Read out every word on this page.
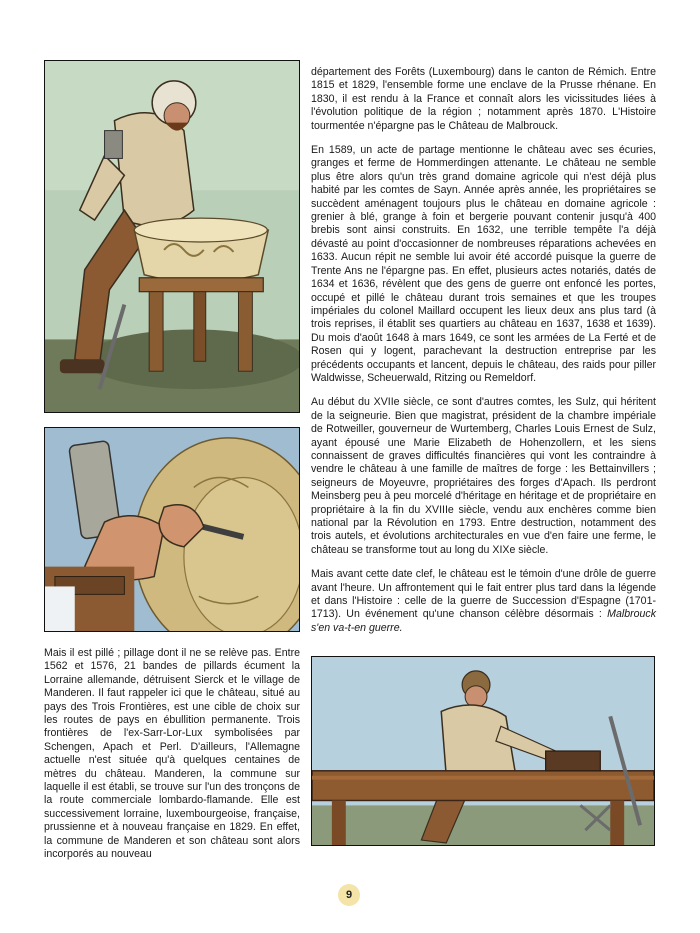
département des Forêts (Luxembourg) dans le canton de Rémich. Entre 1815 et 1829, l'ensemble forme une enclave de la Prusse rhénane. En 1830, il est rendu à la France et connaît alors les vicissitudes liées à l'évolution politique de la région ; notamment après 1870. L'Histoire tourmentée n'épargne pas le Château de Malbrouck.

En 1589, un acte de partage mentionne le château avec ses écuries, granges et ferme de Hommerdingen attenante. Le château ne semble plus être alors qu'un très grand domaine agricole qui n'est déjà plus habité par les comtes de Sayn. Année après année, les propriétaires se succèdent aménagent toujours plus le château en domaine agricole : grenier à blé, grange à foin et bergerie pouvant contenir jusqu'à 400 brebis sont ainsi construits. En 1632, une terrible tempête l'a déjà dévasté au point d'occasionner de nombreuses réparations achevées en 1633. Aucun répit ne semble lui avoir été accordé puisque la guerre de Trente Ans ne l'épargne pas. En effet, plusieurs actes notariés, datés de 1634 et 1636, révèlent que des gens de guerre ont enfoncé les portes, occupé et pillé le château durant trois semaines et que les troupes impériales du colonel Maillard occupent les lieux deux ans plus tard (à trois reprises, il établit ses quartiers au château en 1637, 1638 et 1639). Du mois d'août 1648 à mars 1649, ce sont les armées de La Ferté et de Rosen qui y logent, parachevant la destruction entreprise par les précédents occupants et lancent, depuis le château, des raids pour piller Waldwisse, Scheuerwald, Ritzing ou Remeldorf.

Au début du XVIIe siècle, ce sont d'autres comtes, les Sulz, qui héritent de la seigneurie. Bien que magistrat, président de la chambre impériale de Rotweiller, gouverneur de Wurtemberg, Charles Louis Ernest de Sulz, ayant épousé une Marie Elizabeth de Hohenzollern, et les siens connaissent de graves difficultés financières qui vont les contraindre à vendre le château à une famille de maîtres de forge : les Bettainvillers ; seigneurs de Moyeuvre, propriétaires des forges d'Apach. Ils perdront Meinsberg peu à peu morcelé d'héritage en héritage et de propriétaire en propriétaire à la fin du XVIIIe siècle, vendu aux enchères comme bien national par la Révolution en 1793. Entre destruction, notamment des trois autels, et évolutions architecturales en vue d'en faire une ferme, le château se transforme tout au long du XIXe siècle.

Mais avant cette date clef, le château est le témoin d'une drôle de guerre avant l'heure. Un affrontement qui le fait entrer plus tard dans la légende et dans l'Histoire : celle de la guerre de Succession d'Espagne (1701-1713). Un événement qu'une chanson célèbre désormais : Malbrouck s'en va-t-en guerre.

Mais il est pillé ; pillage dont il ne se relève pas. Entre 1562 et 1576, 21 bandes de pillards écument la Lorraine allemande, détruisent Sierck et le village de Manderen. Il faut rappeler ici que le château, situé au pays des Trois Frontières, est une cible de choix sur les routes de pays en ébullition permanente. Trois frontières de l'ex-Sarr-Lor-Lux symbolisées par Schengen, Apach et Perl. D'ailleurs, l'Allemagne actuelle n'est située qu'à quelques centaines de mètres du château. Manderen, la commune sur laquelle il est établi, se trouve sur l'un des tronçons de la route commerciale lombardo-flamande. Elle est successivement lorraine, luxembourgeoise, française, prussienne et à nouveau française en 1829. En effet, la commune de Manderen et son château sont alors incorporés au nouveau

9
